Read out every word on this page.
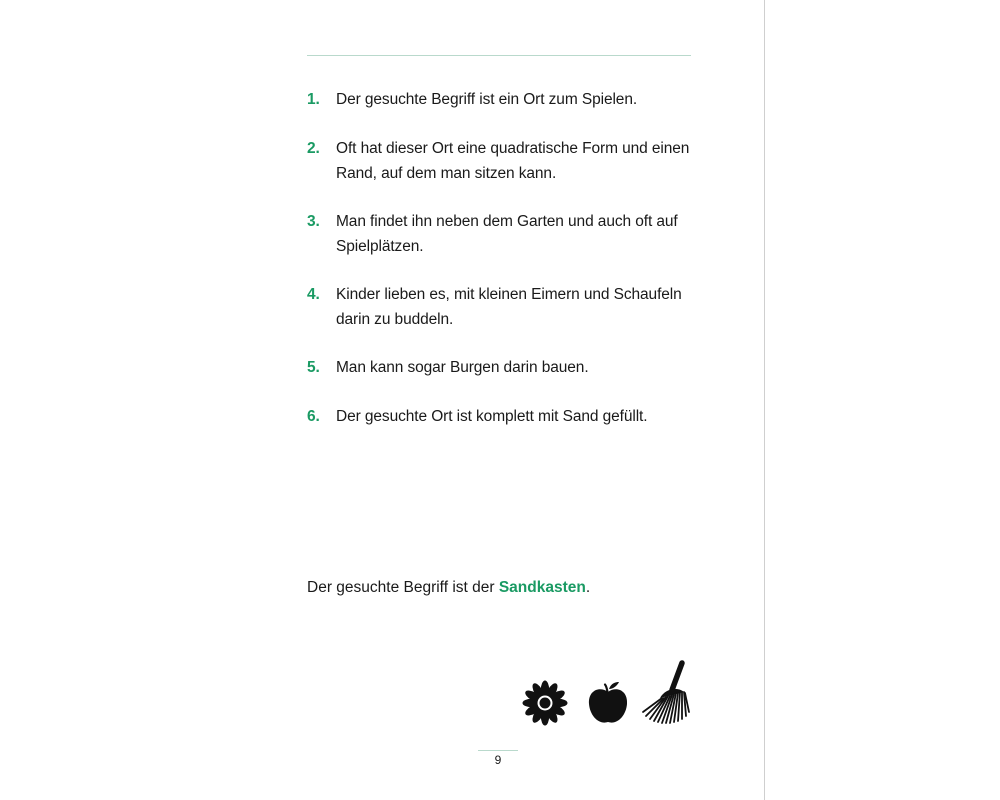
1. Der gesuchte Begriff ist ein Ort zum Spielen.
2. Oft hat dieser Ort eine quadratische Form und einen Rand, auf dem man sitzen kann.
3. Man findet ihn neben dem Garten und auch oft auf Spielplätzen.
4. Kinder lieben es, mit kleinen Eimern und Schaufeln darin zu buddeln.
5. Man kann sogar Burgen darin bauen.
6. Der gesuchte Ort ist komplett mit Sand gefüllt.
Der gesuchte Begriff ist der Sandkasten.
9
